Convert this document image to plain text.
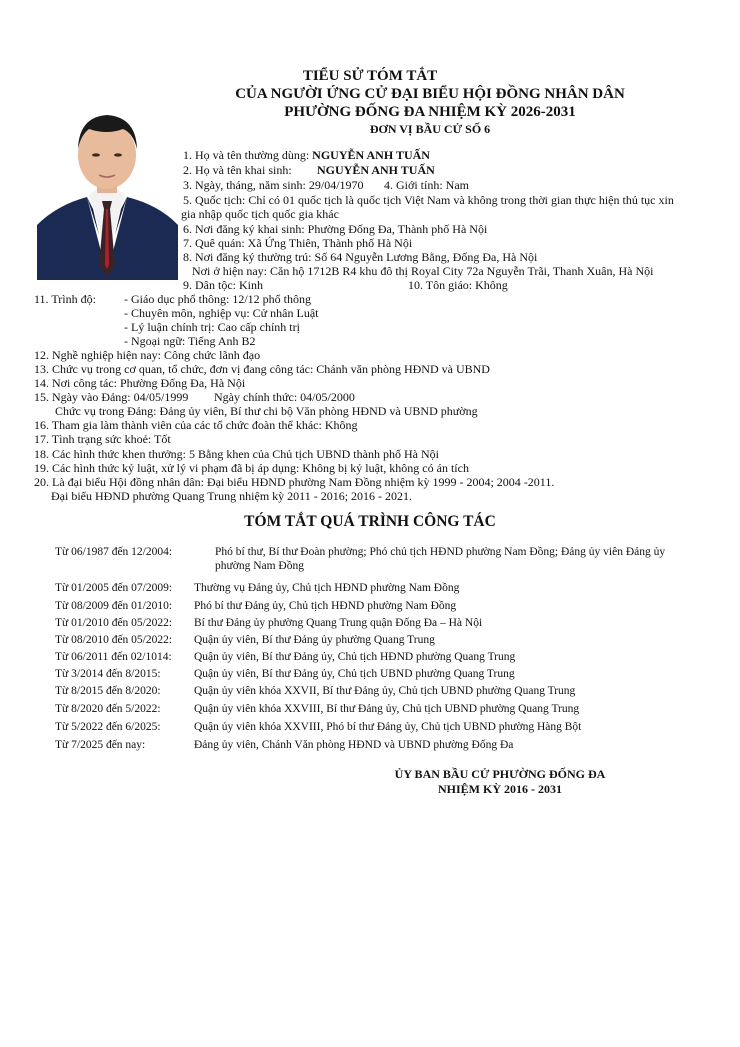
TIỂU SỬ TÓM TẮT
CỦA NGƯỜI ỨNG CỬ ĐẠI BIỂU HỘI ĐỒNG NHÂN DÂN
PHƯỜNG ĐỐNG ĐA NHIỆM KỲ 2026-2031
ĐƠN VỊ BẦU CỬ SỐ 6
1. Họ và tên thường dùng: NGUYỄN ANH TUẤN
2. Họ và tên khai sinh: NGUYỄN ANH TUẤN
3. Ngày, tháng, năm sinh: 29/04/1970 4. Giới tính: Nam
5. Quốc tịch: Chỉ có 01 quốc tịch là quốc tịch Việt Nam và không trong thời gian thực hiện thủ tục xin
gia nhập quốc tịch quốc gia khác
6. Nơi đăng ký khai sinh: Phường Đống Đa, Thành phố Hà Nội
7. Quê quán: Xã Ứng Thiên, Thành phố Hà Nội
8. Nơi đăng ký thường trú: Số 64 Nguyễn Lương Bằng, Đống Đa, Hà Nội
Nơi ở hiện nay: Căn hộ 1712B R4 khu đô thị Royal City 72a Nguyễn Trãi, Thanh Xuân, Hà Nội
9. Dân tộc: Kinh	10. Tôn giáo: Không
11. Trình độ: - Giáo dục phổ thông: 12/12 phổ thông
- Chuyên môn, nghiệp vụ: Cử nhân Luật
- Lý luận chính trị: Cao cấp chính trị
- Ngoại ngữ: Tiếng Anh B2
12. Nghề nghiệp hiện nay: Công chức lãnh đạo
13. Chức vụ trong cơ quan, tổ chức, đơn vị đang công tác: Chánh văn phòng HĐND và UBND
14. Nơi công tác: Phường Đống Đa, Hà Nội
15. Ngày vào Đảng: 04/05/1999 Ngày chính thức: 04/05/2000
Chức vụ trong Đảng: Đảng ủy viên, Bí thư chi bộ Văn phòng HĐND và UBND phường
16. Tham gia làm thành viên của các tổ chức đoàn thể khác: Không
17. Tình trạng sức khoẻ: Tốt
18. Các hình thức khen thưởng: 5 Bằng khen của Chủ tịch UBND thành phố Hà Nội
19. Các hình thức kỷ luật, xử lý vi phạm đã bị áp dụng: Không bị kỷ luật, không có án tích
20. Là đại biểu Hội đồng nhân dân: Đại biểu HĐND phường Nam Đồng nhiệm kỳ 1999 - 2004; 2004 -2011.
Đại biểu HĐND phường Quang Trung nhiệm kỳ 2011 - 2016; 2016 - 2021.
TÓM TẮT QUÁ TRÌNH CÔNG TÁC
Từ 06/1987 đến 12/2004:	Phó bí thư, Bí thư Đoàn phường; Phó chủ tịch HĐND phường Nam Đồng; Đảng ủy viên Đảng ủy
phường Nam Đồng
Từ 01/2005 đến 07/2009: Thường vụ Đảng ủy, Chủ tịch HĐND phường Nam Đồng
Từ 08/2009 đến 01/2010: Phó bí thư Đảng ủy, Chủ tịch HĐND phường Nam Đồng
Từ 01/2010 đến 05/2022: Bí thư Đảng ủy phường Quang Trung quận Đống Đa – Hà Nội
Từ 08/2010 đến 05/2022: Quận ủy viên, Bí thư Đảng ủy phường Quang Trung
Từ 06/2011 đến 02/1014: Quận ủy viên, Bí thư Đảng ủy, Chủ tịch HĐND phường Quang Trung
Từ 3/2014 đến 8/2015:	Quận ủy viên, Bí thư Đảng ủy, Chủ tịch UBND phường Quang Trung
Từ 8/2015 đến 8/2020:	Quận ủy viên khóa XXVII, Bí thư Đảng ủy, Chủ tịch UBND phường Quang Trung
Từ 8/2020 đến 5/2022:	Quận ủy viên khóa XXVIII, Bí thư Đảng ủy, Chủ tịch UBND phường Quang Trung
Từ 5/2022 đến 6/2025:	Quận ủy viên khóa XXVIII, Phó bí thư Đảng ủy, Chủ tịch UBND phường Hàng Bột
Từ 7/2025 đến nay:	Đảng ủy viên, Chánh Văn phòng HĐND và UBND phường Đống Đa
ỦY BAN BẦU CỬ PHƯỜNG ĐỐNG ĐA
NHIỆM KỲ 2016 - 2031
